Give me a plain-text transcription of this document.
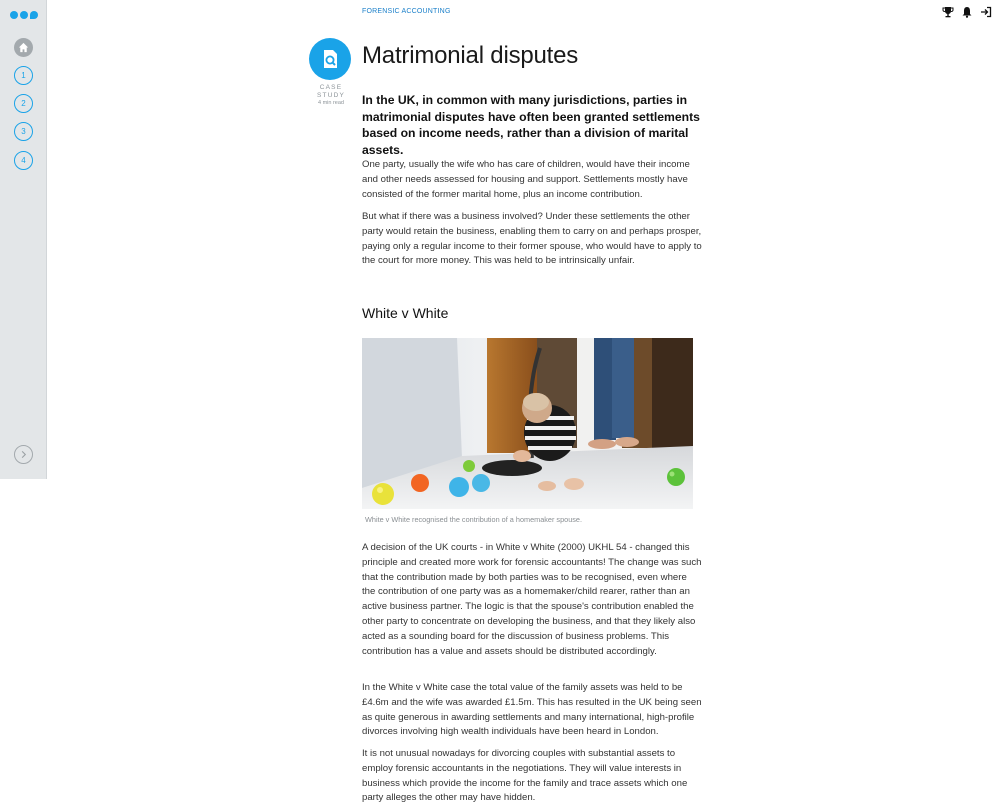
1
2
3
4
FORENSIC ACCOUNTING
CASE STUDY
4 min read
Matrimonial disputes

In the UK, in common with many jurisdictions, parties in matrimonial disputes have often been granted settlements based on income needs, rather than a division of marital assets.

One party, usually the wife who has care of children, would have their income and other needs assessed for housing and support. Settlements mostly have consisted of the former marital home, plus an income contribution.

But what if there was a business involved? Under these settlements the other party would retain the business, enabling them to carry on and perhaps prosper, paying only a regular income to their former spouse, who would have to apply to the court for more money. This was held to be intrinsically unfair.

White v White
White v White recognised the contribution of a homemaker spouse.

A decision of the UK courts - in White v White (2000) UKHL 54 - changed this principle and created more work for forensic accountants! The change was such that the contribution made by both parties was to be recognised, even where the contribution of one party was as a homemaker/child rearer, rather than an active business partner. The logic is that the spouse's contribution enabled the other party to concentrate on developing the business, and that they likely also acted as a sounding board for the discussion of business problems. This contribution has a value and assets should be distributed accordingly.

In the White v White case the total value of the family assets was held to be £4.6m and the wife was awarded £1.5m. This has resulted in the UK being seen as quite generous in awarding settlements and many international, high-profile divorces involving high wealth individuals have been heard in London.

It is not unusual nowadays for divorcing couples with substantial assets to employ forensic accountants in the negotiations. They will value interests in business which provide the income for the family and trace assets which one party alleges the other may have hidden.
